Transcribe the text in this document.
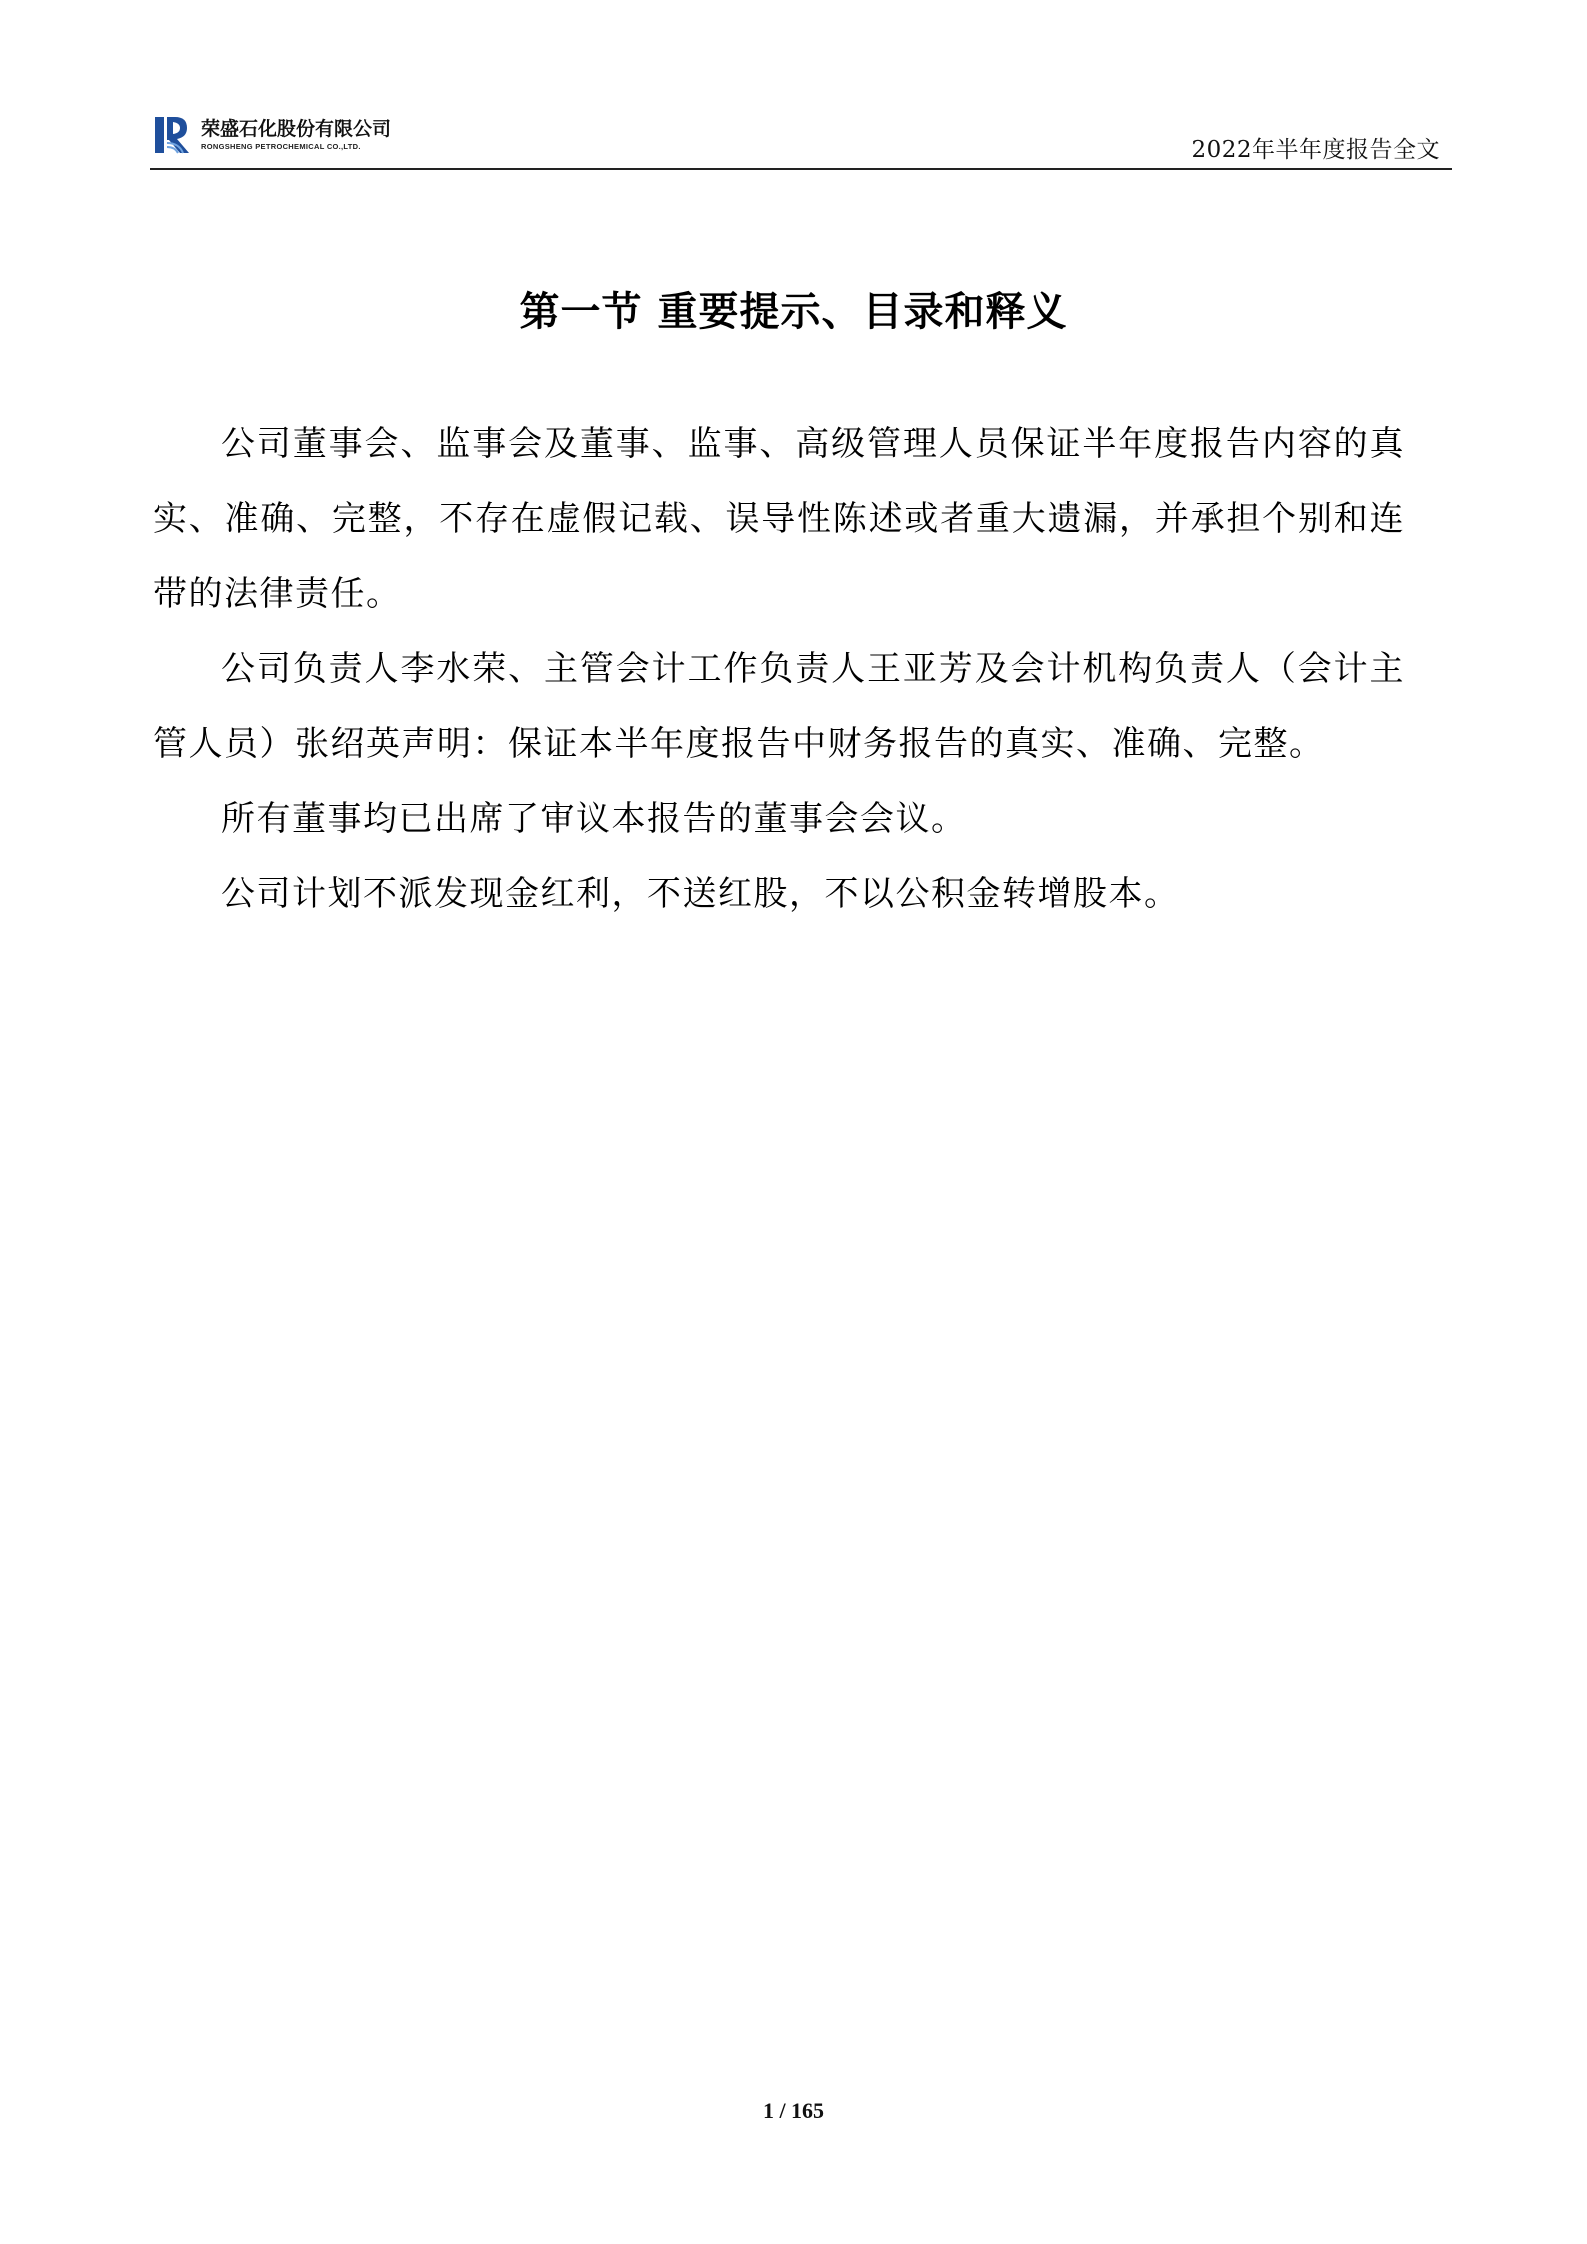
荣盛石化股份有限公司
RONGSHENG PETROCHEMICAL CO.,LTD.	2022年半年度报告全文
第一节 重要提示、目录和释义

公司董事会、监事会及董事、监事、高级管理人员保证半年度报告内容的真实、准确、完整，不存在虚假记载、误导性陈述或者重大遗漏，并承担个别和连带的法律责任。

公司负责人李水荣、主管会计工作负责人王亚芳及会计机构负责人（会计主管人员）张绍英声明：保证本半年度报告中财务报告的真实、准确、完整。

所有董事均已出席了审议本报告的董事会会议。

公司计划不派发现金红利，不送红股，不以公积金转增股本。

1 / 165
